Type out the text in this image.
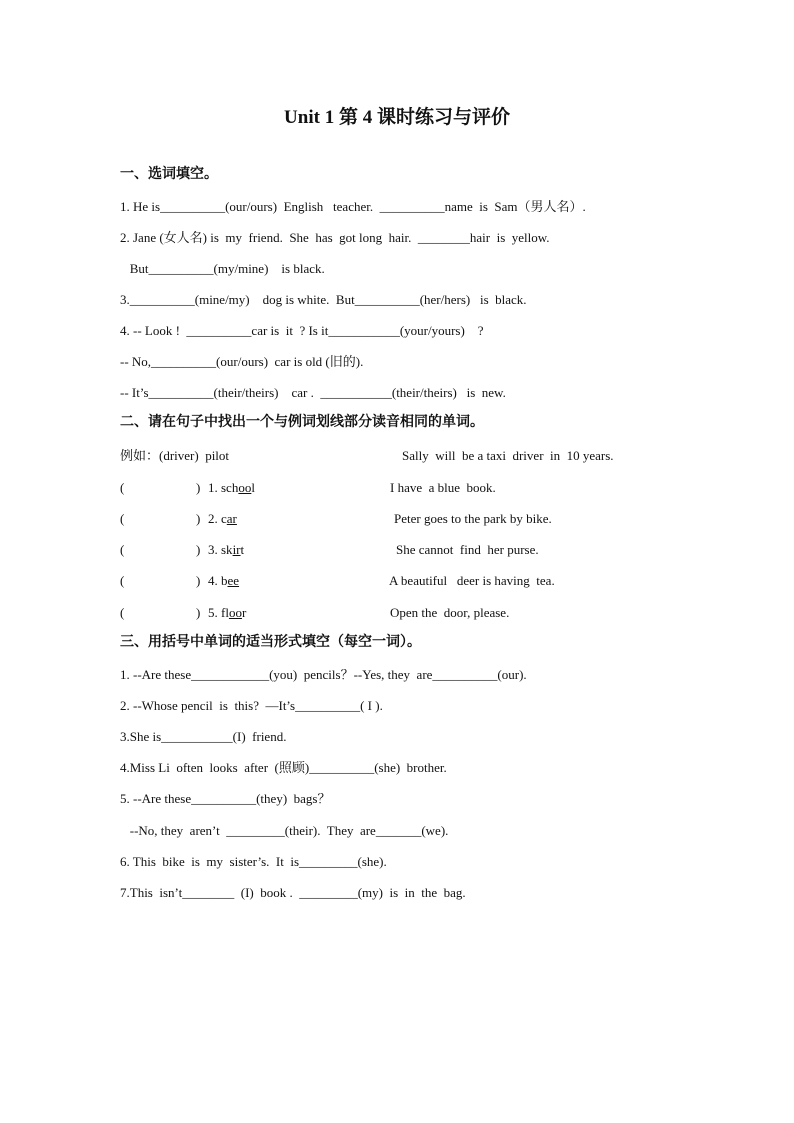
Unit 1 第 4 课时练习与评价
一、选词填空。
1. He is__________(our/ours)  English   teacher.  __________name  is  Sam（男人名）.
2. Jane (女人名) is  my  friend.  She  has  got long  hair.  ________hair  is  yellow.
But__________(my/mine)    is black.
3.__________(mine/my)    dog is white.  But__________(her/hers)   is  black.
4. -- Look !  __________car is  it  ? Is it___________(your/yours)    ?
-- No,__________(our/ours)  car is old (旧的).
-- It’s__________(their/theirs)    car .  ___________(their/theirs)   is  new.
二、请在句子中找出一个与例词划线部分读音相同的单词。
例如：(driver)  pilot	Sally  will  be a taxi  driver  in  10 years.
(	) 1. school	I have  a blue  book.
(	) 2. car	Peter goes to the park by bike.
(	) 3. skirt	She cannot  find  her purse.
(	) 4. bee	A beautiful   deer is having  tea.
(	) 5. floor	Open the  door, please.
三、用括号中单词的适当形式填空（每空一词）。
1. --Are these____________(you)  pencils？--Yes, they  are__________(our).
2. --Whose pencil  is  this?  —It’s__________( I ).
3.She is___________(I)  friend.
4.Miss Li  often  looks  after  (照顾)__________(she)  brother.
5. --Are these__________(they)  bags？
--No, they  aren’t  _________(their).  They  are_______(we).
6. This  bike  is  my  sister’s.  It  is_________(she).
7.This  isn’t________  (I)  book .  _________(my)  is  in  the  bag.
